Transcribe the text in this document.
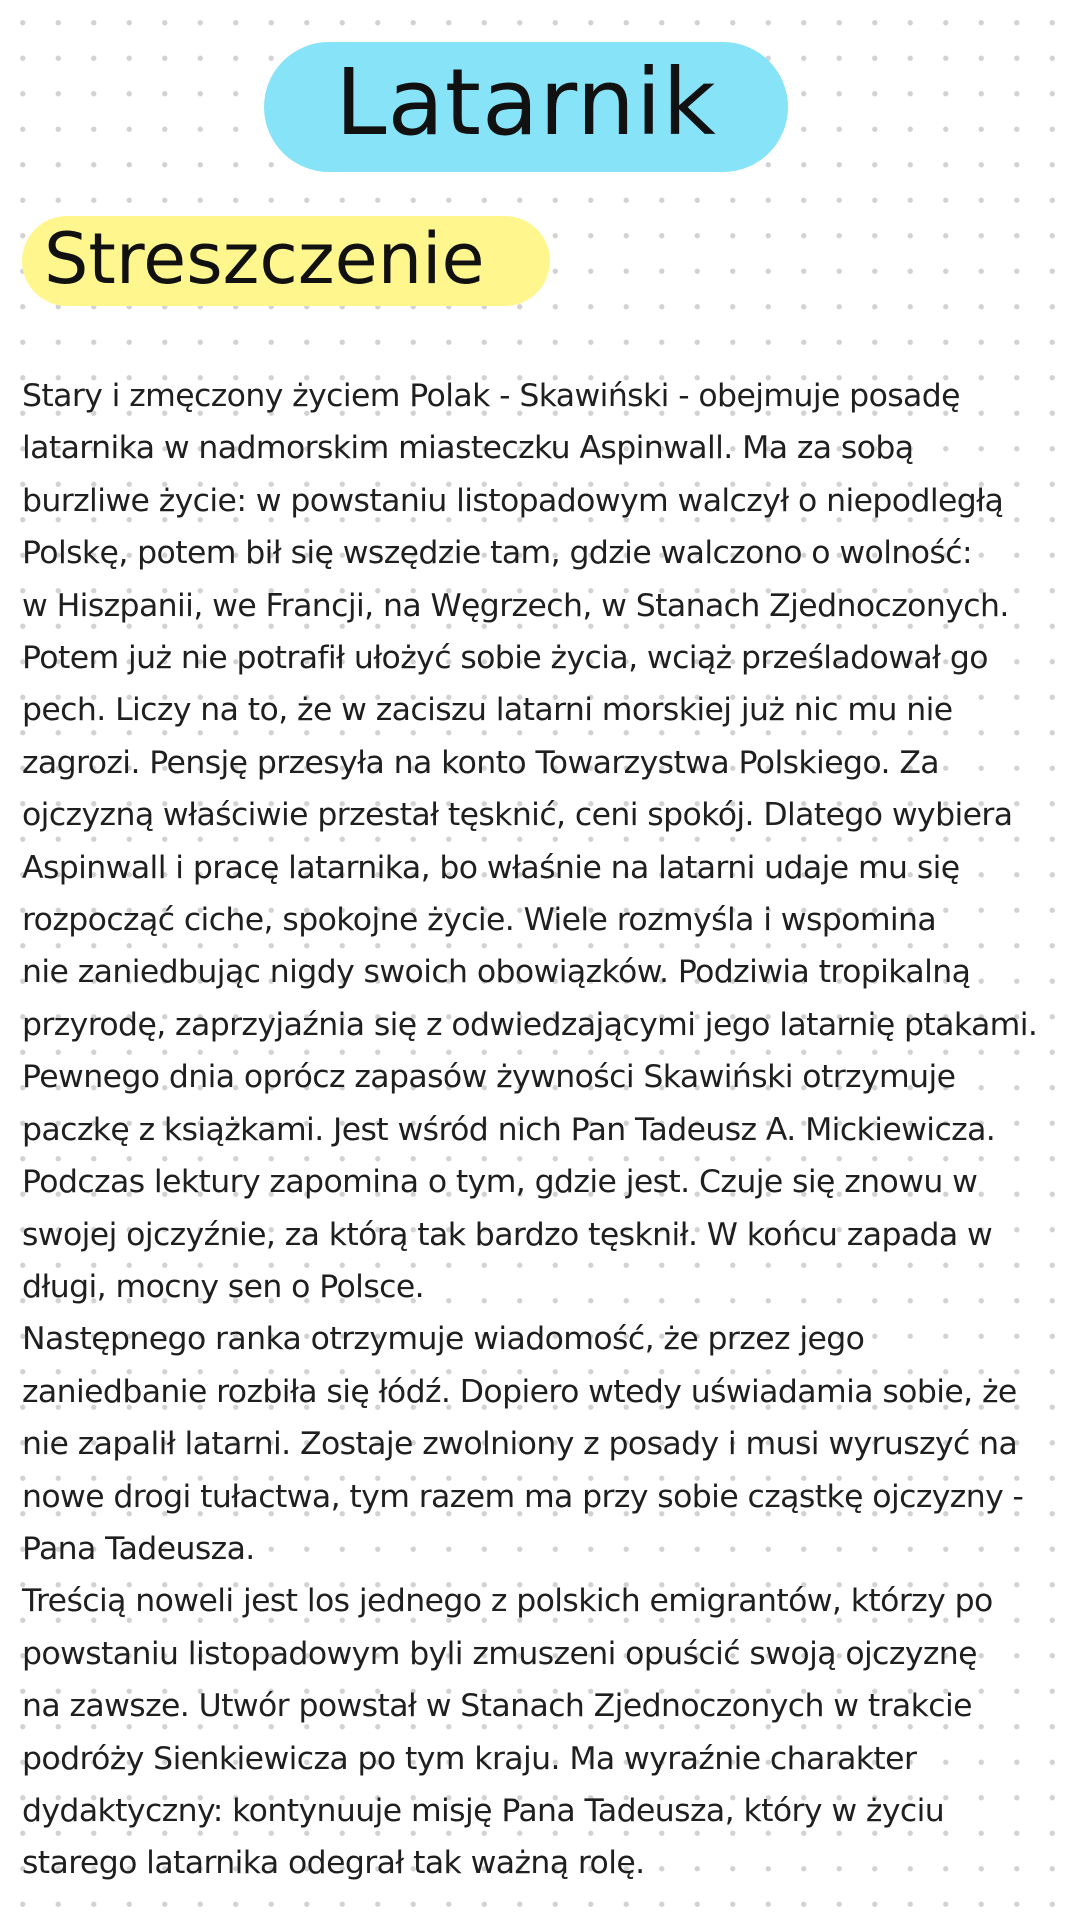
Latarnik
Streszczenie
Stary i zmęczony życiem Polak - Skawiński - obejmuje posadę
latarnika w nadmorskim miasteczku Aspinwall. Ma za sobą
burzliwe życie: w powstaniu listopadowym walczył o niepodległą
Polskę, potem bił się wszędzie tam, gdzie walczono o wolność:
w Hiszpanii, we Francji, na Węgrzech, w Stanach Zjednoczonych.
Potem już nie potrafił ułożyć sobie życia, wciąż prześladował go
pech. Liczy na to, że w zaciszu latarni morskiej już nic mu nie
zagrozi. Pensję przesyła na konto Towarzystwa Polskiego. Za
ojczyzną właściwie przestał tęsknić, ceni spokój. Dlatego wybiera
Aspinwall i pracę latarnika, bo właśnie na latarni udaje mu się
rozpocząć ciche, spokojne życie. Wiele rozmyśla i wspomina
nie zaniedbując nigdy swoich obowiązków. Podziwia tropikalną
przyrodę, zaprzyjaźnia się z odwiedzającymi jego latarnię ptakami.
Pewnego dnia oprócz zapasów żywności Skawiński otrzymuje
paczkę z książkami. Jest wśród nich Pan Tadeusz A. Mickiewicza.
Podczas lektury zapomina o tym, gdzie jest. Czuje się znowu w
swojej ojczyźnie, za którą tak bardzo tęsknił. W końcu zapada w
długi, mocny sen o Polsce.
Następnego ranka otrzymuje wiadomość, że przez jego
zaniedbanie rozbiła się łódź. Dopiero wtedy uświadamia sobie, że
nie zapalił latarni. Zostaje zwolniony z posady i musi wyruszyć na
nowe drogi tułactwa, tym razem ma przy sobie cząstkę ojczyzny -
Pana Tadeusza.
Treścią noweli jest los jednego z polskich emigrantów, którzy po
powstaniu listopadowym byli zmuszeni opuścić swoją ojczyznę
na zawsze. Utwór powstał w Stanach Zjednoczonych w trakcie
podróży Sienkiewicza po tym kraju. Ma wyraźnie charakter
dydaktyczny: kontynuuje misję Pana Tadeusza, który w życiu
starego latarnika odegrał tak ważną rolę.
